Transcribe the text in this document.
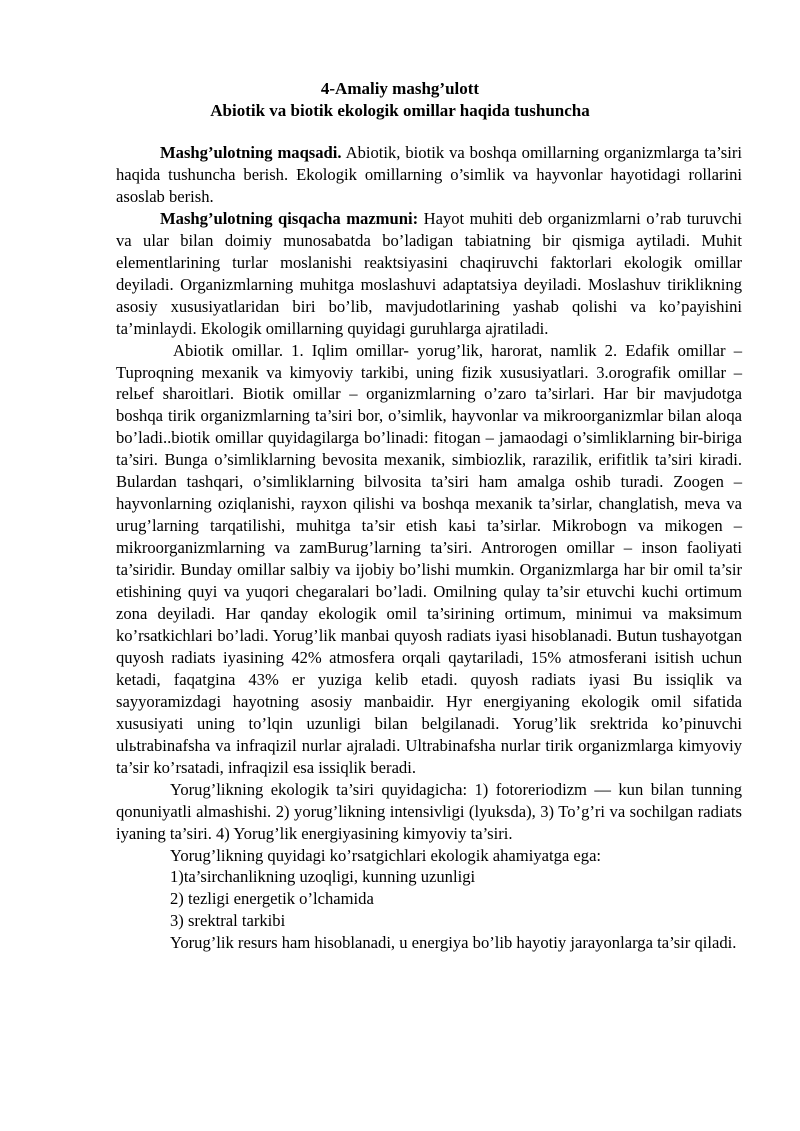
4-Amaliy mashg’ulott

Abiotik va biotik ekologik omillar haqida tushuncha

Mashg’ulotning maqsadi. Abiotik, biotik va boshqa omillarning organizmlarga ta’siri haqida tushuncha berish. Ekologik omillarning o’simlik va hayvonlar hayotidagi rollarini asoslab berish.

Mashg’ulotning qisqacha mazmuni: Hayot muhiti deb organizmlarni o’rab turuvchi va ular bilan doimiy munosabatda bo’ladigan tabiatning bir qismiga aytiladi. Muhit elementlarining turlar moslanishi reaktsiyasini chaqiruvchi faktorlari ekologik omillar deyiladi. Organizmlarning muhitga moslashuvi adaptatsiya deyiladi. Moslashuv tiriklikning asosiy xususiyatlaridan biri bo’lib, mavjudotlarining yashab qolishi va ko’payishini ta’minlaydi. Ekologik omillarning quyidagi guruhlarga ajratiladi.

Abiotik omillar. 1. Iqlim omillar- yorug’lik, harorat, namlik 2. Edafik omillar – Tuproqning mexanik va kimyoviy tarkibi, uning fizik xususiyatlari. 3.orografik omillar – relьef sharoitlari. Biotik omillar – organizmlarning o’zaro ta’sirlari. Har bir mavjudotga boshqa tirik organizmlarning ta’siri bor, o’simlik, hayvonlar va mikroorganizmlar bilan aloqa bo’ladi..biotik omillar quyidagilarga bo’linadi: fitogan – jamaodagi o’simliklarning bir-biriga ta’siri. Bunga o’simliklarning bevosita mexanik, simbiozlik, rarazilik, erifitlik ta’siri kiradi. Bulardan tashqari, o’simliklarning bilvosita ta’siri ham amalga oshib turadi. Zoogen – hayvonlarning oziqlanishi, rayxon qilishi va boshqa mexanik ta’sirlar, changlatish, meva va urug’larning tarqatilishi, muhitga ta’sir etish kaьi ta’sirlar. Mikrobogn va mikogen – mikroorganizmlarning va zamBurug’larning ta’siri. Antrorogen omillar – inson faoliyati ta’siridir. Bunday omillar salbiy va ijobiy bo’lishi mumkin. Organizmlarga har bir omil ta’sir etishining quyi va yuqori chegaralari bo’ladi. Omilning qulay ta’sir etuvchi kuchi ortimum zona deyiladi. Har qanday ekologik omil ta’sirining ortimum, minimui va maksimum ko’rsatkichlari bo’ladi. Yorug’lik manbai quyosh radiats iyasi hisoblanadi. Butun tushayotgan quyosh radiats iyasining 42% atmosfera orqali qaytariladi, 15% atmosferani isitish uchun ketadi, faqatgina 43% er yuziga kelib etadi. quyosh radiats iyasi Bu issiqlik va sayyoramizdagi hayotning asosiy manbaidir. Hyr energiyaning ekologik omil sifatida xususiyati uning to’lqin uzunligi bilan belgilanadi. Yorug’lik srektrida ko’pinuvchi ulьtrabinafsha va infraqizil nurlar ajraladi. Ultrabinafsha nurlar tirik organizmlarga kimyoviy ta’sir ko’rsatadi, infraqizil esa issiqlik beradi.

Yorug’likning ekologik ta’siri quyidagicha: 1) fotoreriodizm — kun bilan tunning qonuniyatli almashishi. 2) yorug’likning intensivligi (lyuksda), 3) To’g’ri va sochilgan radiats iyaning ta’siri. 4) Yorug’lik energiyasining kimyoviy ta’siri.

Yorug’likning quyidagi ko’rsatgichlari ekologik ahamiyatga ega:

1)ta’sirchanlikning uzoqligi, kunning uzunligi

2) tezligi energetik o’lchamida

3) srektral tarkibi

Yorug’lik resurs ham hisoblanadi, u energiya bo’lib hayotiy jarayonlarga ta’sir qiladi.
